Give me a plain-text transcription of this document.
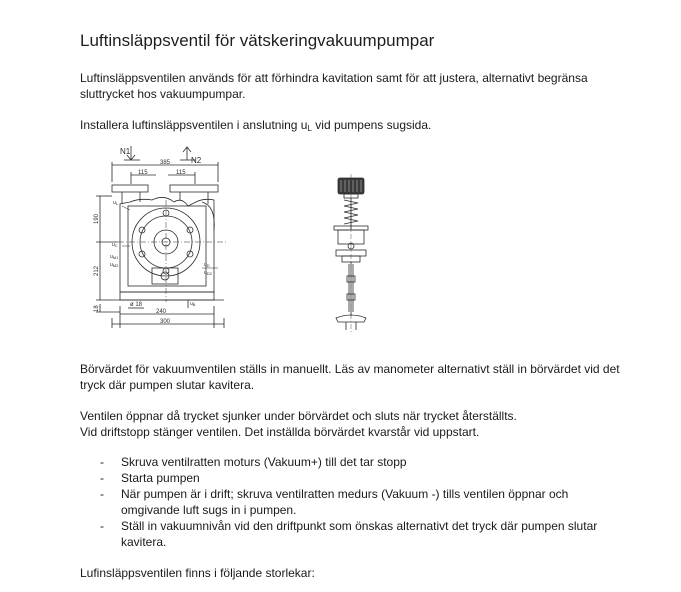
Luftinsläppsventil för vätskeringvakuumpumpar
Luftinsläppsventilen används för att förhindra kavitation samt för att justera, alternativt begränsa sluttrycket hos vakuumpumpar.
Installera luftinsläppsventilen i anslutning $u_L$ vid pumpens sugsida.
N1
N2
385
115	115
190
212
18
ø 18
240
300
$u_L$
$u_C$
$u_{M1}$
$u_{M2}$	$u_D$
$u_{D2}$
$u_B$
Börvärdet för vakuumventilen ställs in manuellt. Läs av manometer alternativt ställ in börvärdet vid det tryck där pumpen slutar kavitera.
Ventilen öppnar då trycket sjunker under börvärdet och sluts när trycket återställts.
Vid driftstopp stänger ventilen. Det inställda börvärdet kvarstår vid uppstart.
- Skruva ventilratten moturs (Vakuum+) till det tar stopp
- Starta pumpen
- När pumpen är i drift; skruva ventilratten medurs (Vakuum -) tills ventilen öppnar och omgivande luft sugs in i pumpen.
- Ställ in vakuumnivån vid den driftpunkt som önskas alternativt det tryck där pumpen slutar kavitera.
Lufinsläppsventilen finns i följande storlekar:
